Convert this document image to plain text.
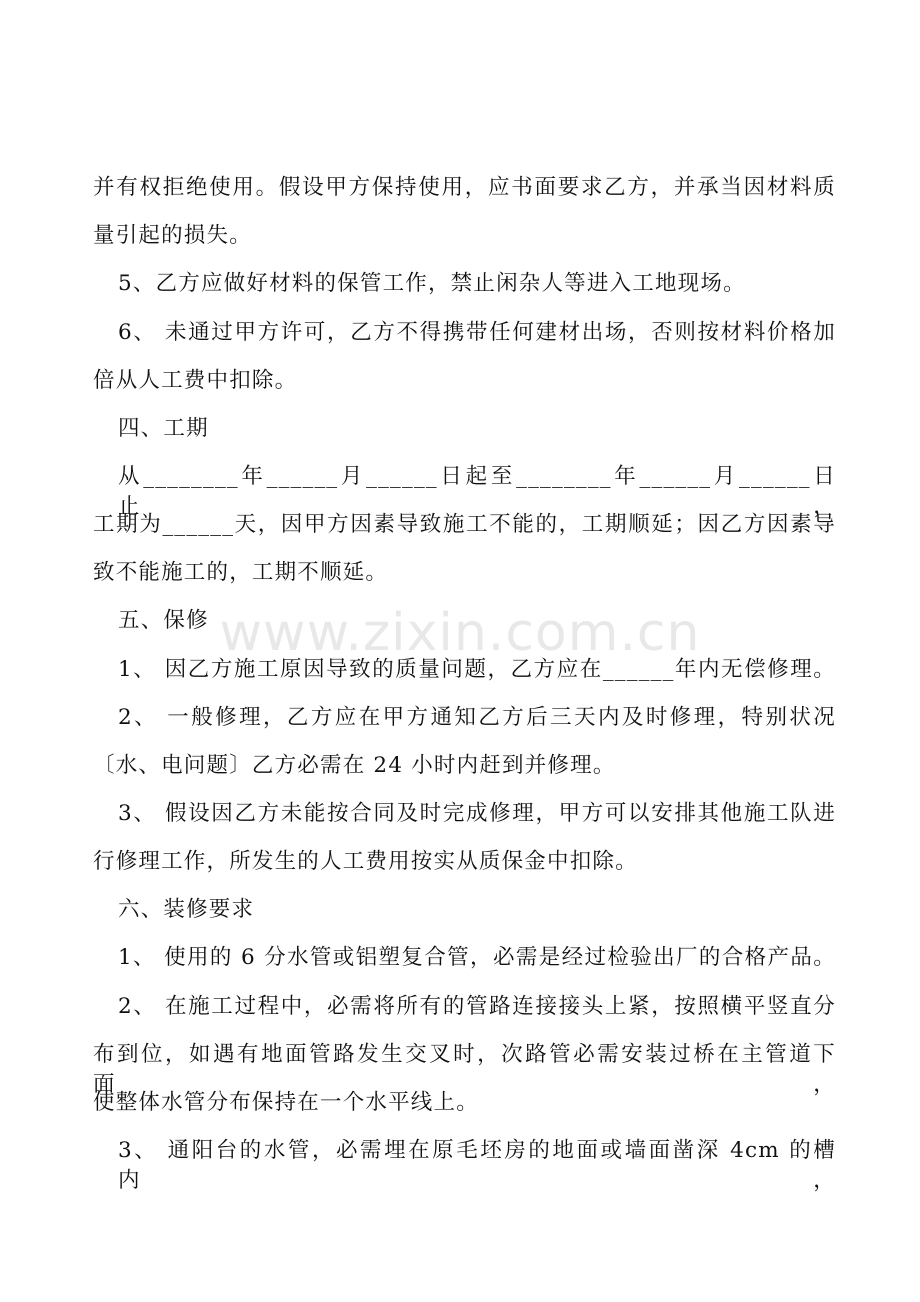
www.zixin.com.cn
并有权拒绝使用。假设甲方保持使用，应书面要求乙方，并承当因材料质
量引起的损失。
5、乙方应做好材料的保管工作，禁止闲杂人等进入工地现场。
6、 未通过甲方许可，乙方不得携带任何建材出场，否则按材料价格加
倍从人工费中扣除。
四、工期
从________年______月______日起至________年______月______日止，
工期为______天，因甲方因素导致施工不能的，工期顺延；因乙方因素导
致不能施工的，工期不顺延。
五、保修
1、 因乙方施工原因导致的质量问题，乙方应在______年内无偿修理。
2、 一般修理，乙方应在甲方通知乙方后三天内及时修理，特别状况
〔水、电问题〕乙方必需在 24 小时内赶到并修理。
3、 假设因乙方未能按合同及时完成修理，甲方可以安排其他施工队进
行修理工作，所发生的人工费用按实从质保金中扣除。
六、装修要求
1、 使用的 6 分水管或铝塑复合管，必需是经过检验出厂的合格产品。
2、 在施工过程中，必需将所有的管路连接接头上紧，按照横平竖直分
布到位，如遇有地面管路发生交叉时，次路管必需安装过桥在主管道下面，
使整体水管分布保持在一个水平线上。
3、 通阳台的水管，必需埋在原毛坯房的地面或墙面凿深 4cm 的槽内，
